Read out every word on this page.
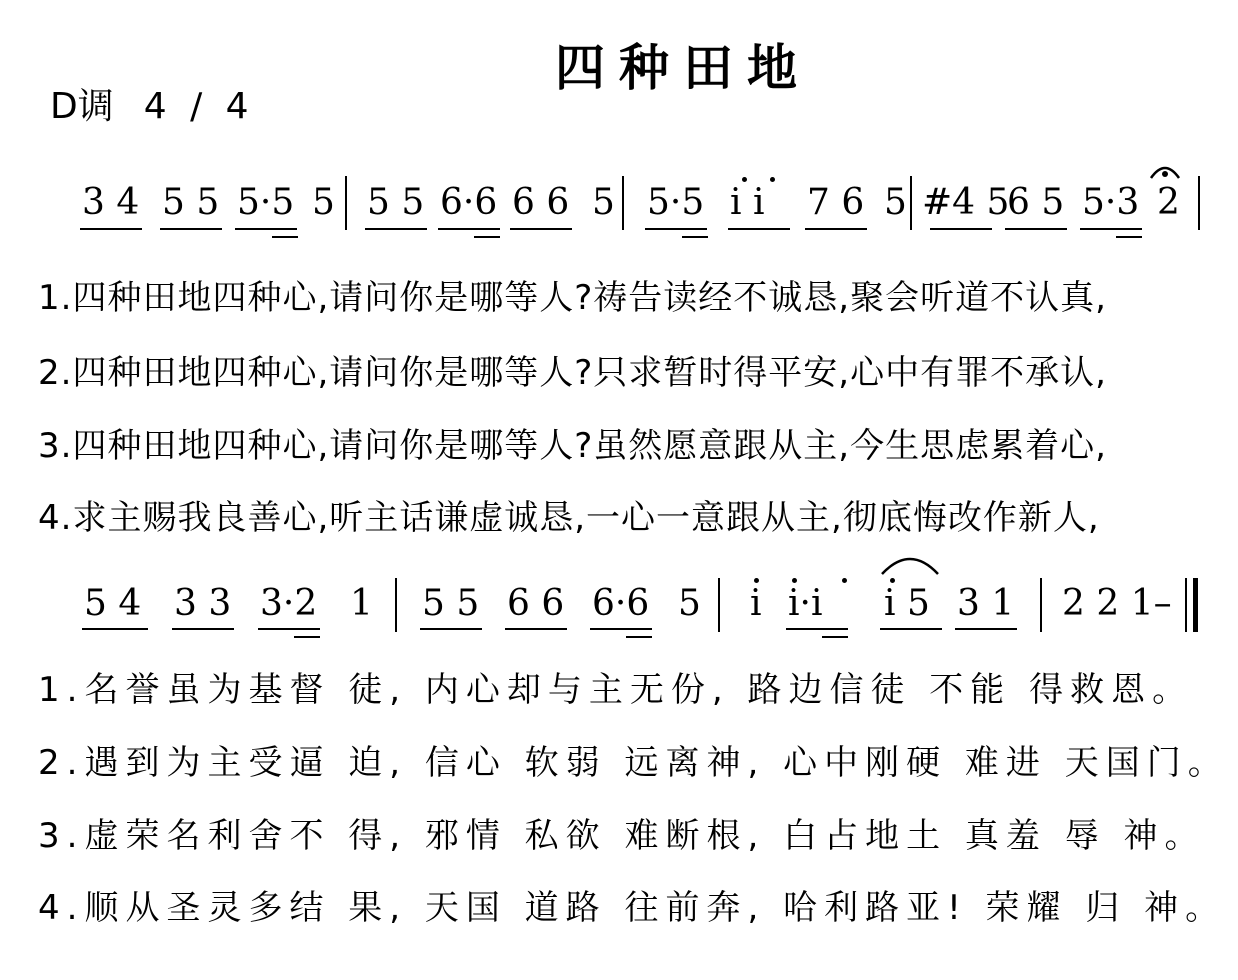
四种田地
D调 4 / 4
3 4 5 5 5·5 5 5 5 6·6 6 6 5 5·5 i i 7 6 5 #4 5
6 5 5·3 2
1.四种田地四种心,请问你是哪等人?祷告读经不诚恳,聚会听道不认真,
2.四种田地四种心,请问你是哪等人?只求暂时得平安,心中有罪不承认,
3.四种田地四种心,请问你是哪等人?虽然愿意跟从主,今生思虑累着心,
4.求主赐我良善心,听主话谦虚诚恳,一心一意跟从主,彻底悔改作新人,
5 4 3 3 3·2 1 5 5 6 6 6·6 5 i i·i i 5 3 1 2 2 1–
1.名誉虽为基督 徒, 内心却与主无份, 路边信徒 不能 得救恩。
2.遇到为主受逼 迫, 信心 软弱 远离神, 心中刚硬 难进 天国门。
3.虚荣名利舍不 得, 邪情 私欲 难断根, 白占地土 真羞 辱 神。
4.顺从圣灵多结 果, 天国 道路 往前奔, 哈利路亚! 荣耀 归 神。
